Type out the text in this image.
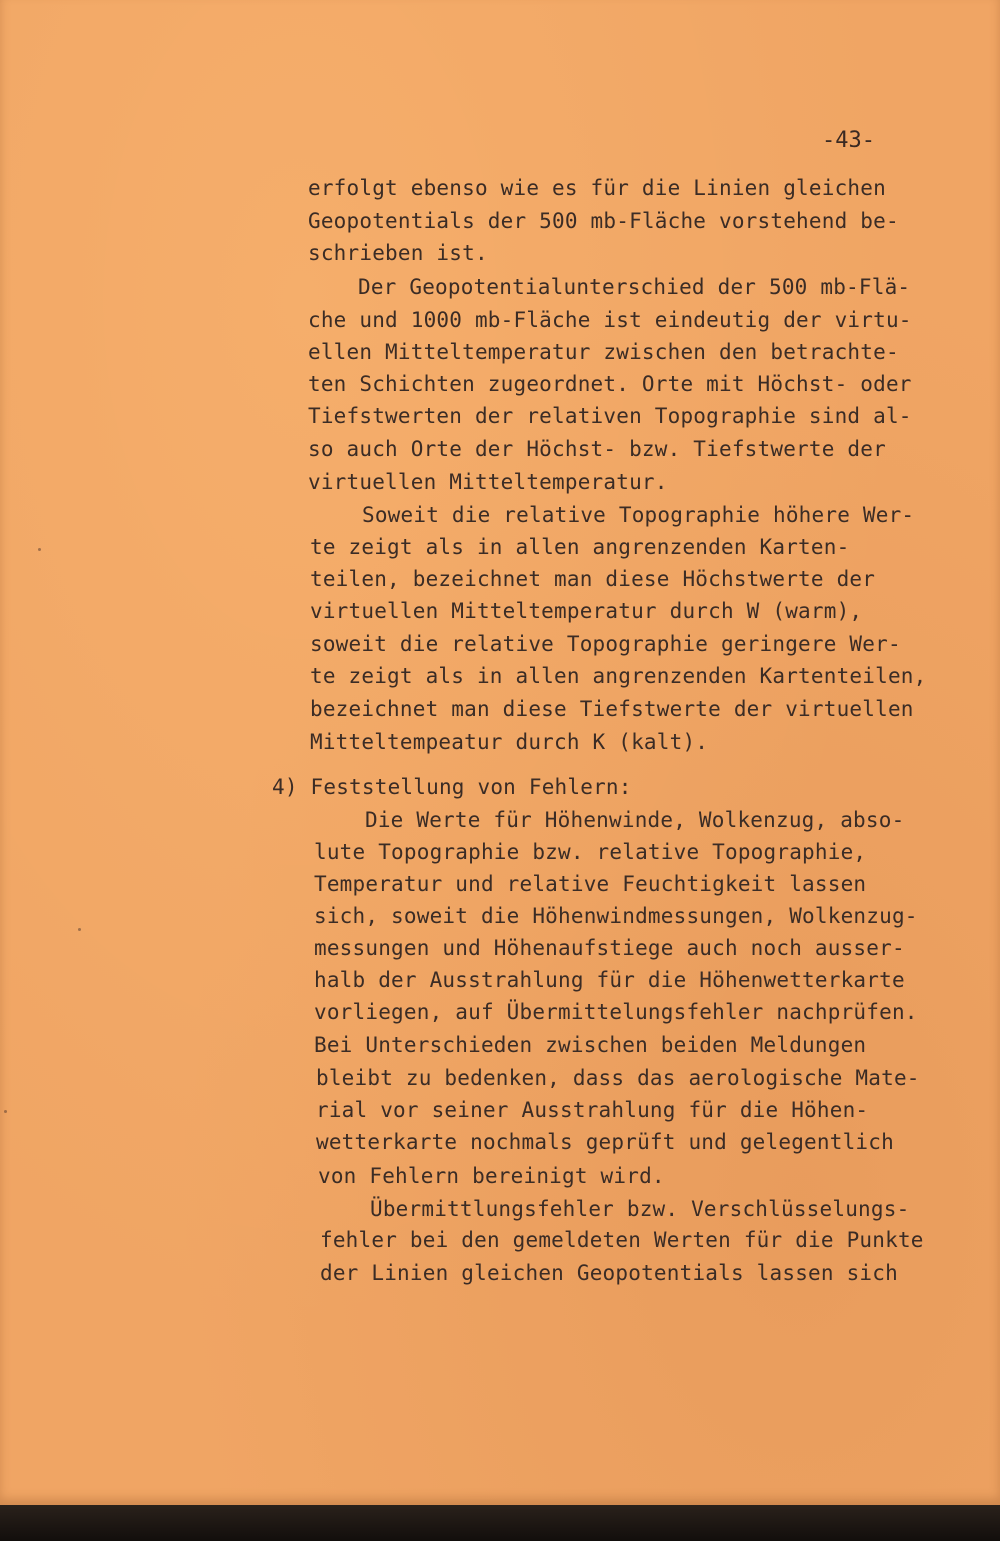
-43-
erfolgt ebenso wie es für die Linien gleichen
Geopotentials der 500 mb-Fläche vorstehend be-
schrieben ist.
Der Geopotentialunterschied der 500 mb-Flä-
che und 1000 mb-Fläche ist eindeutig der virtu-
ellen Mitteltemperatur zwischen den betrachte-
ten Schichten zugeordnet. Orte mit Höchst- oder
Tiefstwerten der relativen Topographie sind al-
so auch Orte der Höchst- bzw. Tiefstwerte der
virtuellen Mitteltemperatur.
Soweit die relative Topographie höhere Wer-
te zeigt als in allen angrenzenden Karten-
teilen, bezeichnet man diese Höchstwerte der
virtuellen Mitteltemperatur durch W (warm),
soweit die relative Topographie geringere Wer-
te zeigt als in allen angrenzenden Kartenteilen,
bezeichnet man diese Tiefstwerte der virtuellen
Mitteltempeatur durch K (kalt).
4) Feststellung von Fehlern:
Die Werte für Höhenwinde, Wolkenzug, abso-
lute Topographie bzw. relative Topographie,
Temperatur und relative Feuchtigkeit lassen
sich, soweit die Höhenwindmessungen, Wolkenzug-
messungen und Höhenaufstiege auch noch ausser-
halb der Ausstrahlung für die Höhenwetterkarte
vorliegen, auf Übermittelungsfehler nachprüfen.
Bei Unterschieden zwischen beiden Meldungen
bleibt zu bedenken, dass das aerologische Mate-
rial vor seiner Ausstrahlung für die Höhen-
wetterkarte nochmals geprüft und gelegentlich
von Fehlern bereinigt wird.
Übermittlungsfehler bzw. Verschlüsselungs-
fehler bei den gemeldeten Werten für die Punkte
der Linien gleichen Geopotentials lassen sich
